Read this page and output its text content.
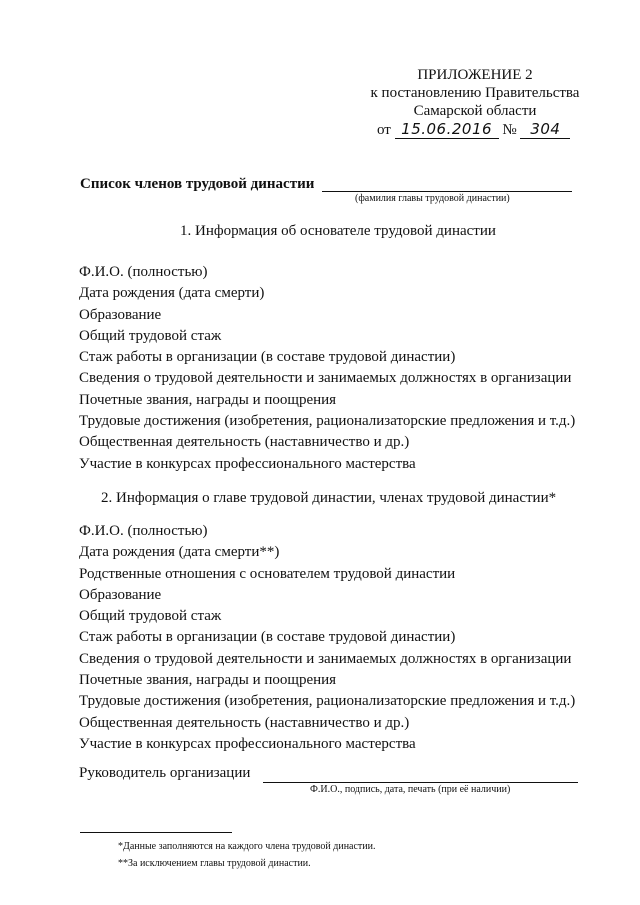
ПРИЛОЖЕНИЕ 2
к постановлению Правительства
Самарской области
от 15.06.2016 № 304
Список членов трудовой династии
(фамилия главы трудовой династии)
1. Информация об основателе трудовой династии
Ф.И.О. (полностью)
Дата рождения (дата смерти)
Образование
Общий трудовой стаж
Стаж работы в организации (в составе трудовой династии)
Сведения о трудовой деятельности и занимаемых должностях в организации
Почетные звания, награды и поощрения
Трудовые достижения (изобретения, рационализаторские предложения и т.д.)
Общественная деятельность (наставничество и др.)
Участие в конкурсах профессионального мастерства
2. Информация о главе трудовой династии, членах трудовой династии*
Ф.И.О. (полностью)
Дата рождения (дата смерти**)
Родственные отношения с основателем трудовой династии
Образование
Общий трудовой стаж
Стаж работы в организации (в составе трудовой династии)
Сведения о трудовой деятельности и занимаемых должностях в организации
Почетные звания, награды и поощрения
Трудовые достижения (изобретения, рационализаторские предложения и т.д.)
Общественная деятельность (наставничество и др.)
Участие в конкурсах профессионального мастерства
Руководитель организации
Ф.И.О., подпись, дата, печать (при её наличии)
*Данные заполняются на каждого члена трудовой династии.
**За исключением главы трудовой династии.
